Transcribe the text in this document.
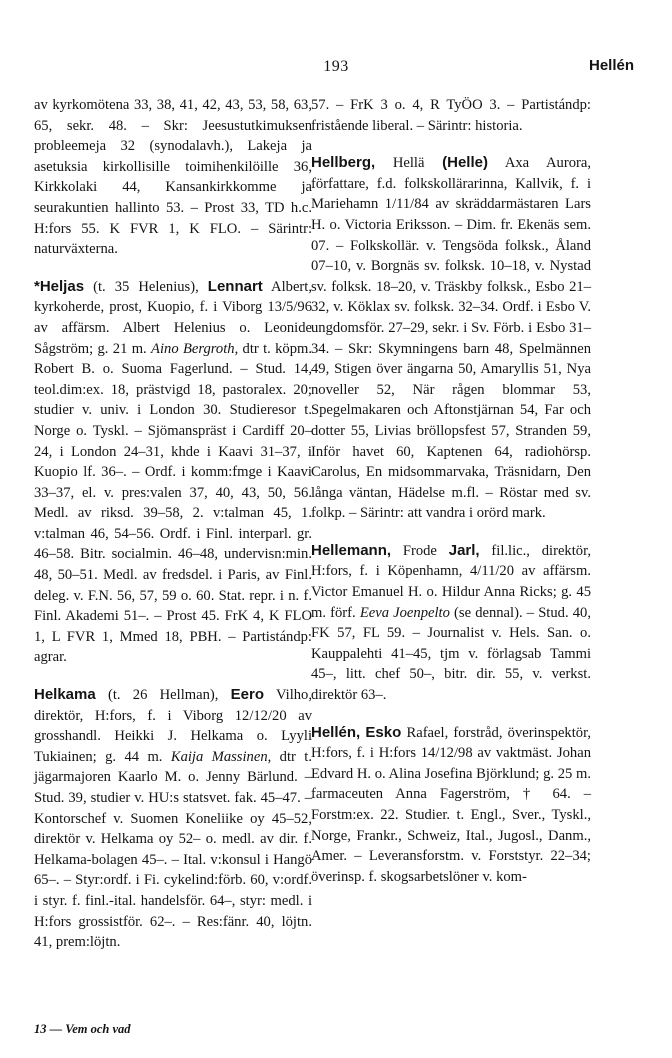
193	Hellén

av kyrkomötena 33, 38, 41, 42, 43, 53, 58, 63, 65, sekr. 48. – Skr: Jeesustutkimuksen probleemeja 32 (synodalavh.), Lakeja ja asetuksia kirkollisille toimihenkilöille 36, Kirkkolaki 44, Kansankirkkomme ja seurakuntien hallinto 53. – Prost 33, TD h.c. H:fors 55. K FVR 1, K FLO. – Särintr: naturväxterna.

*Heljas (t. 35 Helenius), Lennart Albert, kyrkoherde, prost, Kuopio, f. i Viborg 13/5/96 av affärsm. Albert Helenius o. Leonide Sågström; g. 21 m. Aino Bergroth, dtr t. köpm. Robert B. o. Suoma Fagerlund. – Stud. 14, teol.dim:ex. 18, prästvigd 18, pastoralex. 20; studier v. univ. i London 30. Studieresor t. Norge o. Tyskl. – Sjömanspräst i Cardiff 20–24, i London 24–31, khde i Kaavi 31–37, i Kuopio lf. 36–. – Ordf. i komm:fmge i Kaavi 33–37, el. v. pres:valen 37, 40, 43, 50, 56. Medl. av riksd. 39–58, 2. v:talman 45, 1. v:talman 46, 54–56. Ordf. i Finl. interparl. gr. 46–58. Bitr. socialmin. 46–48, undervisn:min. 48, 50–51. Medl. av fredsdel. i Paris, av Finl. deleg. v. F.N. 56, 57, 59 o. 60. Stat. repr. i n. f. Finl. Akademi 51–. – Prost 45. FrK 4, K FLO 1, L FVR 1, Mmed 18, PBH. – Partistándp: agrar.

Helkama (t. 26 Hellman), Eero Vilho, direktör, H:fors, f. i Viborg 12/12/20 av grosshandl. Heikki J. Helkama o. Lyyli Tukiainen; g. 44 m. Kaija Massinen, dtr t. jägarmajoren Kaarlo M. o. Jenny Bärlund. – Stud. 39, studier v. HU:s statsvet. fak. 45–47. – Kontorschef v. Suomen Koneliike oy 45–52, direktör v. Helkama oy 52– o. medl. av dir. f. Helkama-bolagen 45–. – Ital. v:konsul i Hangö 65–. – Styr:ordf. i Fi. cykelind:förb. 60, v:ordf. i styr. f. finl.-ital. handelsför. 64–, styr: medl. i H:fors grossistför. 62–. – Res:fänr. 40, löjtn. 41, prem:löjtn.

57. – FrK 3 o. 4, R TyÖO 3. – Partistándp: fristående liberal. – Särintr: historia.

Hellberg, Hellä (Helle) Axa Aurora, författare, f.d. folkskollärarinna, Kallvik, f. i Mariehamn 1/11/84 av skräddarmästaren Lars H. o. Victoria Eriksson. – Dim. fr. Ekenäs sem. 07. – Folkskollär. v. Tengsöda folksk., Åland 07–10, v. Borgnäs sv. folksk. 10–18, v. Nystad sv. folksk. 18–20, v. Träskby folksk., Esbo 21–32, v. Köklax sv. folksk. 32–34. Ordf. i Esbo V. ungdomsför. 27–29, sekr. i Sv. Förb. i Esbo 31–34. – Skr: Skymningens barn 48, Spelmännen 49, Stigen över ängarna 50, Amaryllis 51, Nya noveller 52, När rågen blommar 53, Spegelmakaren och Aftonstjärnan 54, Far och dotter 55, Livias bröllopsfest 57, Stranden 59, Inför havet 60, Kaptenen 64, radiohörsp. Carolus, En midsommarvaka, Träsnidarn, Den långa väntan, Hädelse m.fl. – Röstar med sv. folkp. – Särintr: att vandra i orörd mark.

Hellemann, Frode Jarl, fil.lic., direktör, H:fors, f. i Köpenhamn, 4/11/20 av affärsm. Victor Emanuel H. o. Hildur Anna Ricks; g. 45 m. förf. Eeva Joenpelto (se dennal). – Stud. 40, FK 57, FL 59. – Journalist v. Hels. San. o. Kauppalehti 41–45, tjm v. förlagsab Tammi 45–, litt. chef 50–, bitr. dir. 55, v. verkst. direktör 63–.

Hellén, Esko Rafael, forstråd, överinspektör, H:fors, f. i H:fors 14/12/98 av vaktmäst. Johan Edvard H. o. Alina Josefina Björklund; g. 25 m. farmaceuten Anna Fagerström, † 64. – Forstm:ex. 22. Studier. t. Engl., Sver., Tyskl., Norge, Frankr., Schweiz, Ital., Jugosl., Danm., Amer. – Leveransforstm. v. Forststyr. 22–34; överinsp. f. skogsarbetslöner v. kom-

13 — Vem och vad
